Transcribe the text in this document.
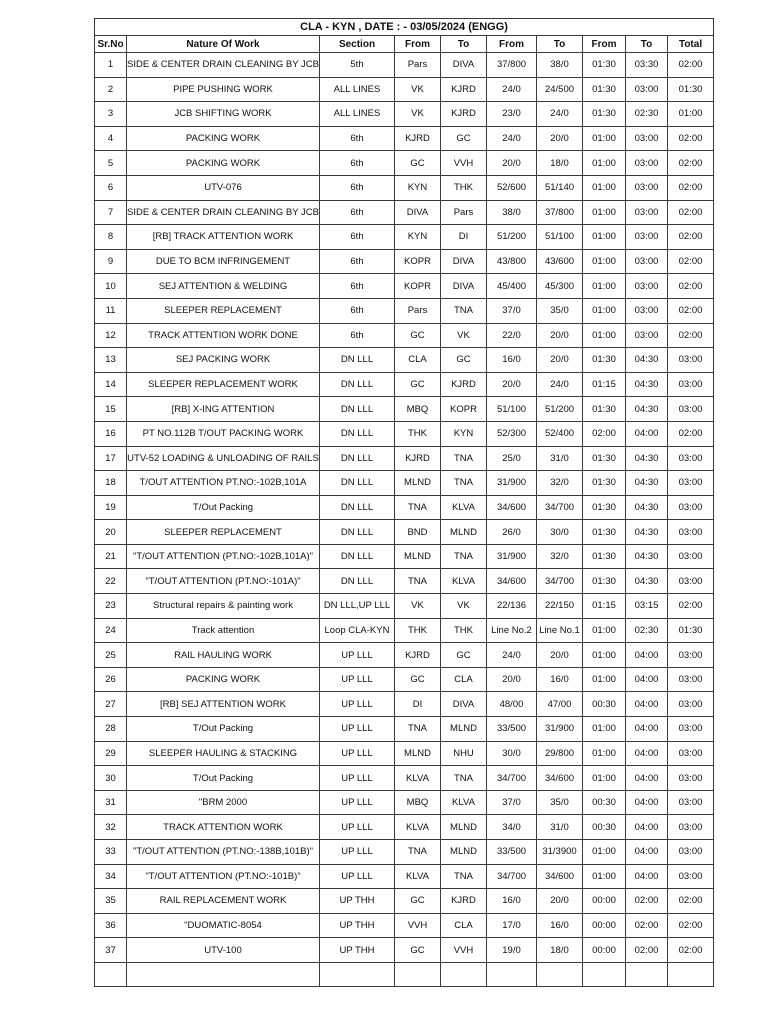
CLA - KYN , DATE : - 03/05/2024 (ENGG)									
Sr.No	Nature Of Work	Section	From	To	From	To	From	To	Total
1	SIDE & CENTER DRAIN CLEANING BY JCB	5th	Pars	DIVA	37/800	38/0	01:30	03:30	02:00
2	PIPE PUSHING WORK	ALL LINES	VK	KJRD	24/0	24/500	01:30	03:00	01:30
3	JCB SHIFTING WORK	ALL LINES	VK	KJRD	23/0	24/0	01:30	02:30	01:00
4	PACKING WORK	6th	KJRD	GC	24/0	20/0	01:00	03:00	02:00
5	PACKING WORK	6th	GC	VVH	20/0	18/0	01:00	03:00	02:00
6	UTV-076	6th	KYN	THK	52/600	51/140	01:00	03:00	02:00
7	SIDE & CENTER DRAIN CLEANING BY JCB	6th	DIVA	Pars	38/0	37/800	01:00	03:00	02:00
8	[RB] TRACK ATTENTION WORK	6th	KYN	DI	51/200	51/100	01:00	03:00	02:00
9	DUE TO BCM INFRINGEMENT	6th	KOPR	DIVA	43/800	43/600	01:00	03:00	02:00
10	SEJ ATTENTION & WELDING	6th	KOPR	DIVA	45/400	45/300	01:00	03:00	02:00
11	SLEEPER REPLACEMENT	6th	Pars	TNA	37/0	35/0	01:00	03:00	02:00
12	TRACK ATTENTION WORK DONE	6th	GC	VK	22/0	20/0	01:00	03:00	02:00
13	SEJ PACKING WORK	DN LLL	CLA	GC	16/0	20/0	01:30	04:30	03:00
14	SLEEPER REPLACEMENT WORK	DN LLL	GC	KJRD	20/0	24/0	01:15	04:30	03:00
15	[RB] X-ING ATTENTION	DN LLL	MBQ	KOPR	51/100	51/200	01:30	04:30	03:00
16	PT NO.112B T/OUT PACKING WORK	DN LLL	THK	KYN	52/300	52/400	02:00	04:00	02:00
17	UTV-52 LOADING & UNLOADING OF RAILS	DN LLL	KJRD	TNA	25/0	31/0	01:30	04:30	03:00
18	T/OUT ATTENTION PT.NO:-102B,101A	DN LLL	MLND	TNA	31/900	32/0	01:30	04:30	03:00
19	T/Out Packing	DN LLL	TNA	KLVA	34/600	34/700	01:30	04:30	03:00
20	SLEEPER REPLACEMENT	DN LLL	BND	MLND	26/0	30/0	01:30	04:30	03:00
21	"T/OUT ATTENTION (PT.NO:-102B,101A)"	DN LLL	MLND	TNA	31/900	32/0	01:30	04:30	03:00
22	"T/OUT ATTENTION (PT.NO:-101A)"	DN LLL	TNA	KLVA	34/600	34/700	01:30	04:30	03:00
23	Structural repairs & painting work	DN LLL,UP LLL	VK	VK	22/136	22/150	01:15	03:15	02:00
24	Track attention	Loop CLA-KYN	THK	THK	Line No.2	Line No.1	01:00	02:30	01:30
25	RAIL HAULING WORK	UP LLL	KJRD	GC	24/0	20/0	01:00	04:00	03:00
26	PACKING WORK	UP LLL	GC	CLA	20/0	16/0	01:00	04:00	03:00
27	[RB] SEJ ATTENTION WORK	UP LLL	DI	DIVA	48/00	47/00	00:30	04:00	03:00
28	T/Out Packing	UP LLL	TNA	MLND	33/500	31/900	01:00	04:00	03:00
29	SLEEPER HAULING & STACKING	UP LLL	MLND	NHU	30/0	29/800	01:00	04:00	03:00
30	T/Out Packing	UP LLL	KLVA	TNA	34/700	34/600	01:00	04:00	03:00
31	"BRM 2000	UP LLL	MBQ	KLVA	37/0	35/0	00:30	04:00	03:00
32	TRACK ATTENTION WORK	UP LLL	KLVA	MLND	34/0	31/0	00:30	04:00	03:00
33	"T/OUT ATTENTION (PT.NO:-138B,101B)"	UP LLL	TNA	MLND	33/500	31/3900	01:00	04:00	03:00
34	"T/OUT ATTENTION (PT.NO:-101B)"	UP LLL	KLVA	TNA	34/700	34/600	01:00	04:00	03:00
35	RAIL REPLACEMENT WORK	UP THH	GC	KJRD	16/0	20/0	00:00	02:00	02:00
36	"DUOMATIC-8054	UP THH	VVH	CLA	17/0	16/0	00:00	02:00	02:00
37	UTV-100	UP THH	GC	VVH	19/0	18/0	00:00	02:00	02:00
